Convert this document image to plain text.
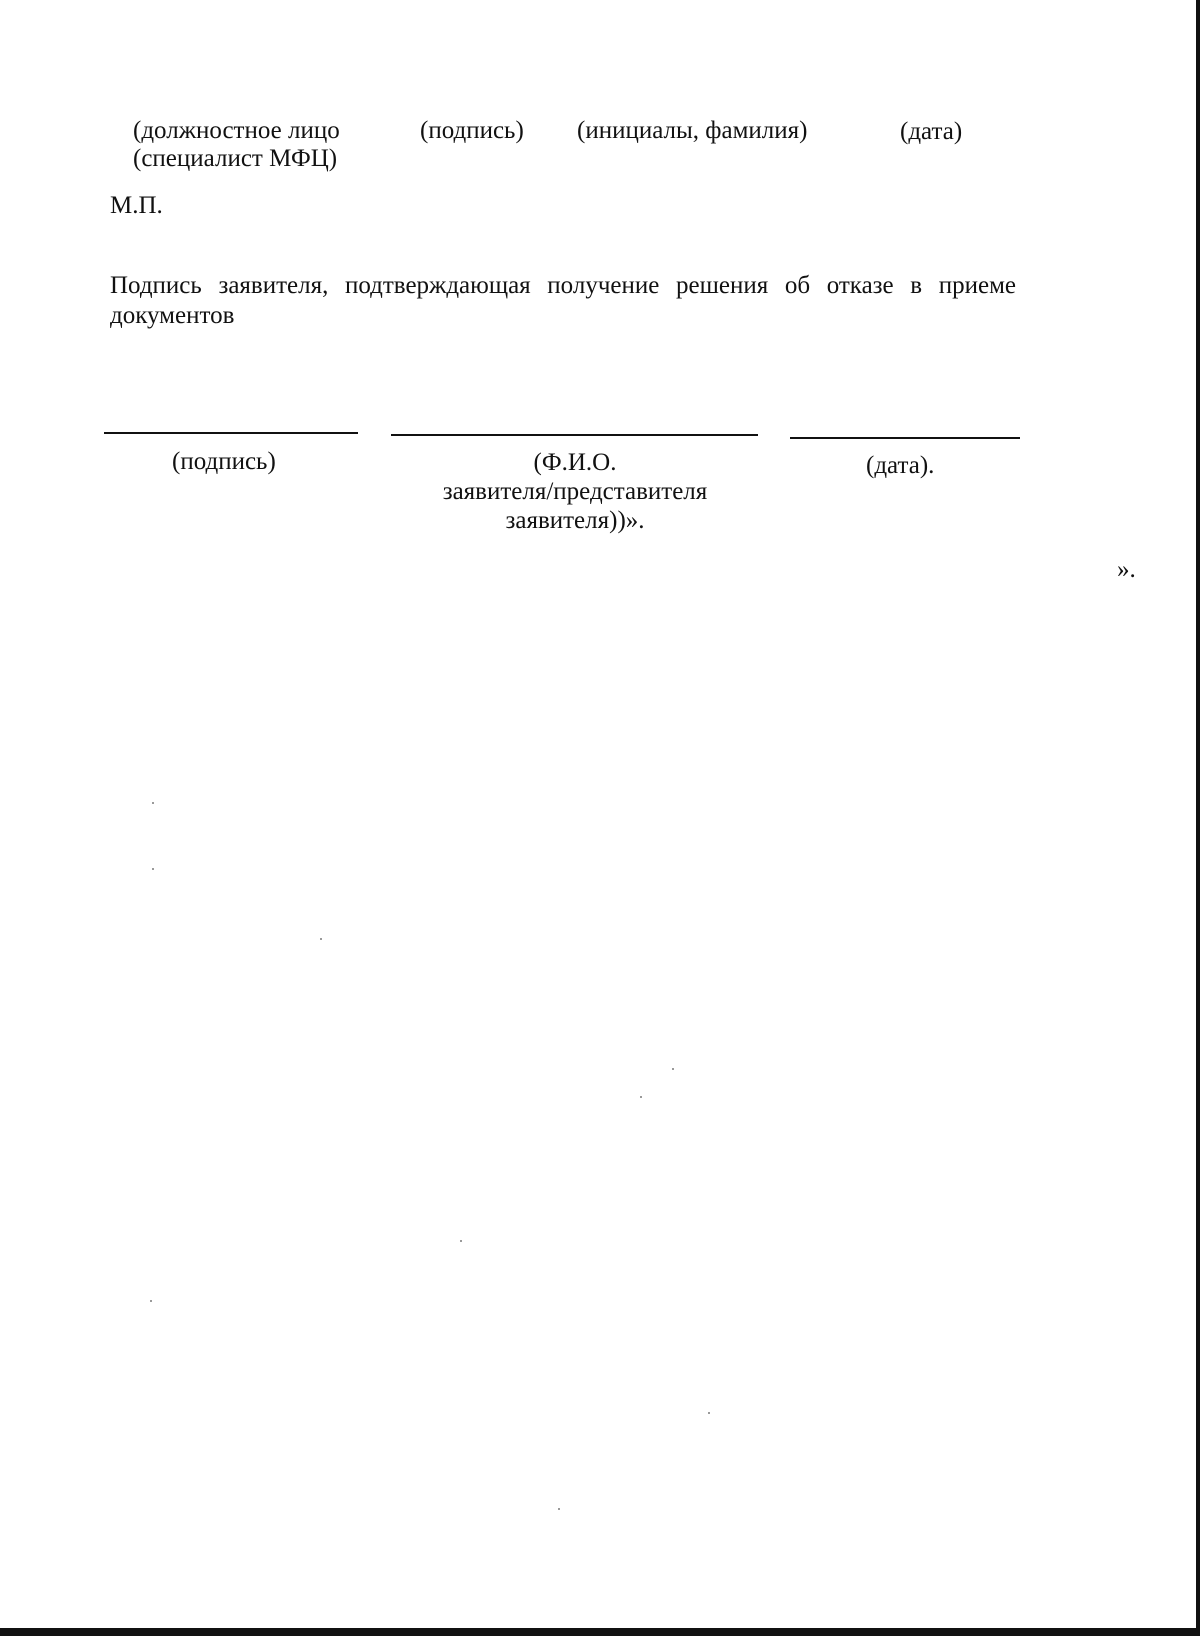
(должностное лицо
(специалист МФЦ)
(подпись) (инициалы, фамилия)	(дата)
М.П.
Подпись заявителя, подтверждающая получение решения об отказе в приеме документов
(подпись)	(Ф.И.О.
заявителя/представителя
заявителя))».
(дата).
».
